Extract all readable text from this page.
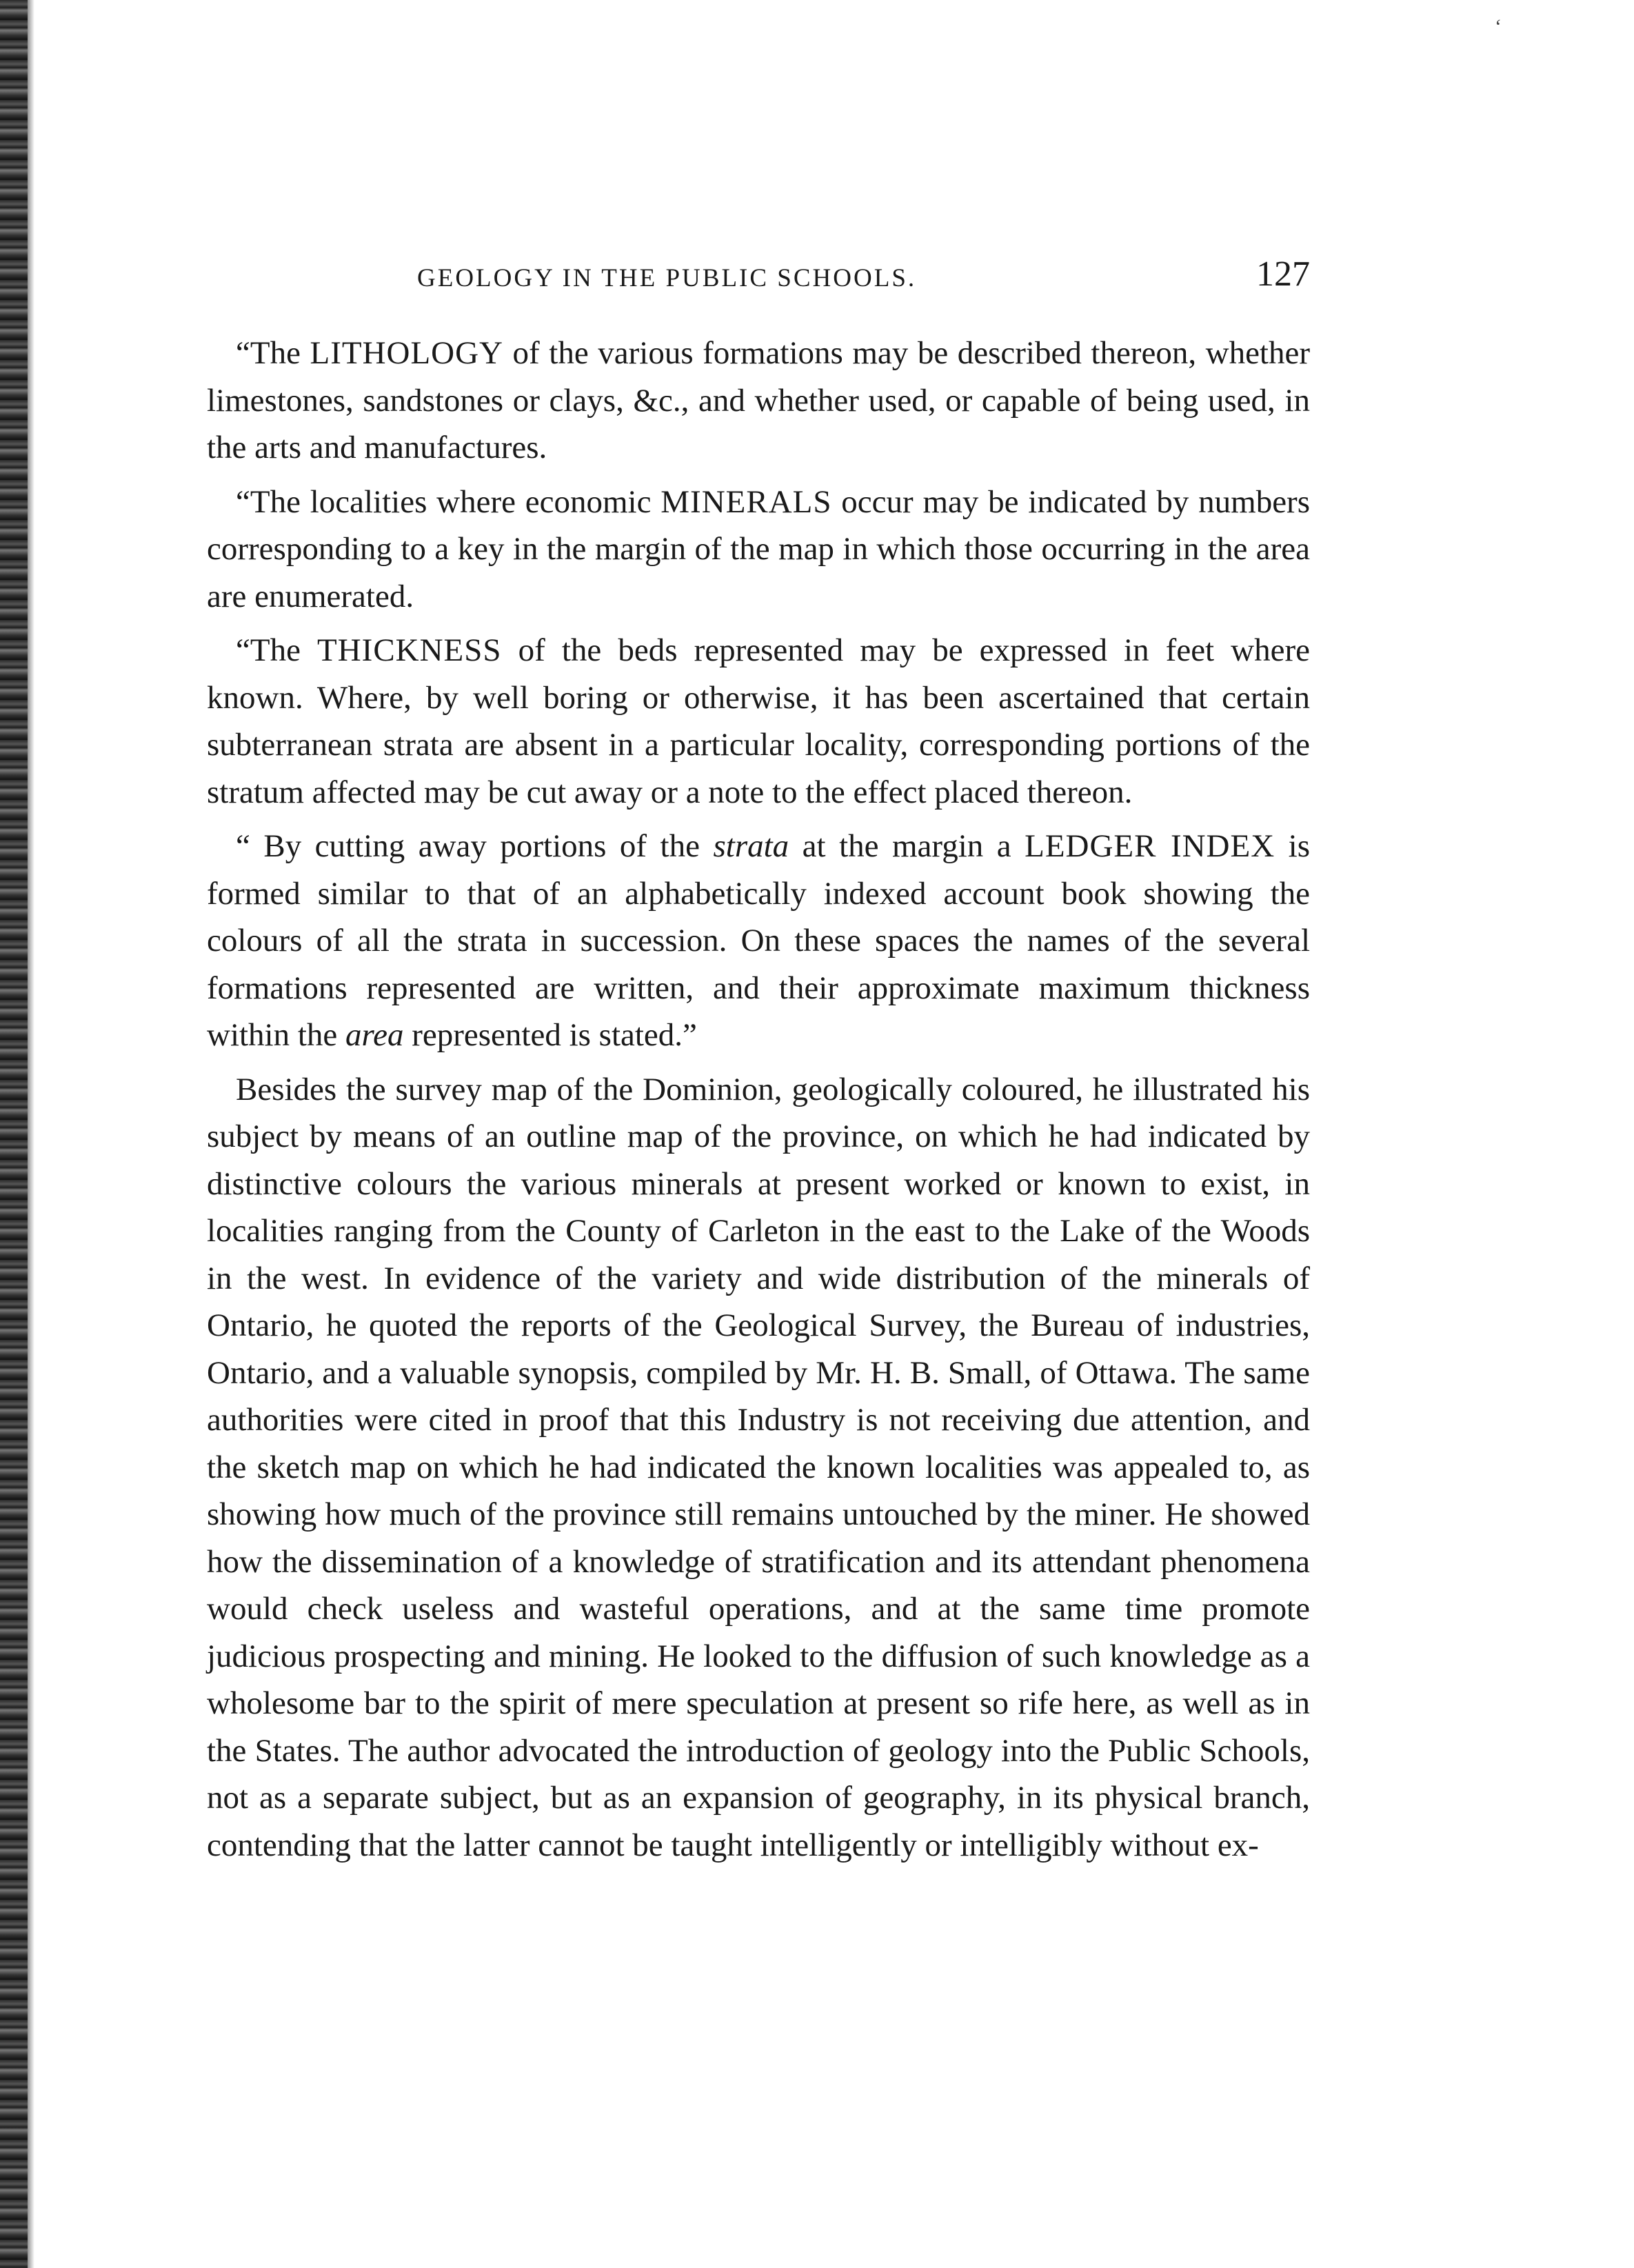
ʻ
GEOLOGY IN THE PUBLIC SCHOOLS.	127

“The LITHOLOGY of the various formations may be described thereon, whether limestones, sandstones or clays, &c., and whether used, or capable of being used, in the arts and manufactures.

“The localities where economic MINERALS occur may be indicated by numbers corresponding to a key in the margin of the map in which those occurring in the area are enumerated.

“The THICKNESS of the beds represented may be expressed in feet where known. Where, by well boring or otherwise, it has been ascertained that certain subterranean strata are absent in a particular locality, corresponding portions of the stratum affected may be cut away or a note to the effect placed thereon.

“ By cutting away portions of the strata at the margin a LEDGER INDEX is formed similar to that of an alphabetically indexed account book showing the colours of all the strata in succession. On these spaces the names of the several formations represented are written, and their approximate maximum thickness within the area represented is stated.”

Besides the survey map of the Dominion, geologically coloured, he illustrated his subject by means of an outline map of the province, on which he had indicated by distinctive colours the various minerals at present worked or known to exist, in localities ranging from the County of Carleton in the east to the Lake of the Woods in the west. In evidence of the variety and wide distribution of the minerals of Ontario, he quoted the reports of the Geological Survey, the Bureau of industries, Ontario, and a valuable synopsis, compiled by Mr. H. B. Small, of Ottawa. The same authorities were cited in proof that this Industry is not receiving due attention, and the sketch map on which he had indicated the known localities was appealed to, as showing how much of the province still remains untouched by the miner. He showed how the dissemination of a knowledge of stratification and its attendant phenomena would check useless and wasteful operations, and at the same time promote judicious prospecting and mining. He looked to the diffusion of such knowledge as a wholesome bar to the spirit of mere speculation at present so rife here, as well as in the States. The author advocated the introduction of geology into the Public Schools, not as a separate subject, but as an expansion of geography, in its physical branch, contending that the latter cannot be taught intelligently or intelligibly without ex-
